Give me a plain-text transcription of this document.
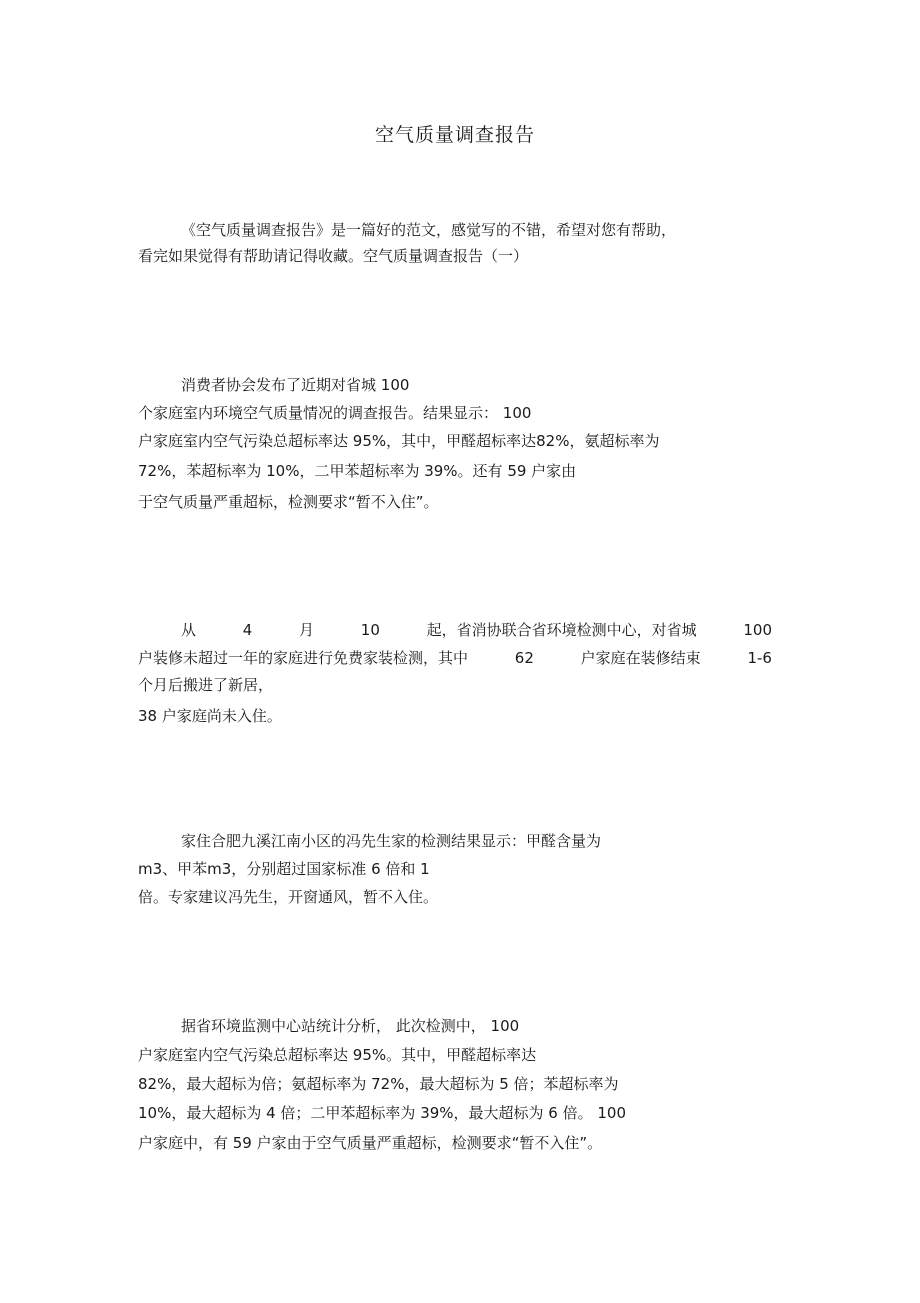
空气质量调查报告
《空气质量调查报告》是一篇好的范文，感觉写的不错，希望对您有帮助，
看完如果觉得有帮助请记得收藏。空气质量调查报告（一）
消费者协会发布了近期对省城 100
个家庭室内环境空气质量情况的调查报告。结果显示： 100
户家庭室内空气污染总超标率达 95%，其中，甲醛超标率达82%，氨超标率为
72%，苯超标率为 10%，二甲苯超标率为 39%。还有 59 户家由
于空气质量严重超标，检测要求“暂不入住”。
从	4	月	10	起，省消协联合省环境检测中心，对省城	100
户装修未超过一年的家庭进行免费家装检测，其中	62	户家庭在装修结束	1-6
个月后搬进了新居，
38 户家庭尚未入住。
家住合肥九溪江南小区的冯先生家的检测结果显示：甲醛含量为
m3、甲苯m3，分别超过国家标准 6 倍和 1
倍。专家建议冯先生，开窗通风，暂不入住。
据省环境监测中心站统计分析， 此次检测中， 100
户家庭室内空气污染总超标率达 95%。其中，甲醛超标率达
82%，最大超标为倍；氨超标率为 72%，最大超标为 5 倍；苯超标率为
10%，最大超标为 4 倍；二甲苯超标率为 39%，最大超标为 6 倍。 100
户家庭中，有 59 户家由于空气质量严重超标，检测要求“暂不入住”。
